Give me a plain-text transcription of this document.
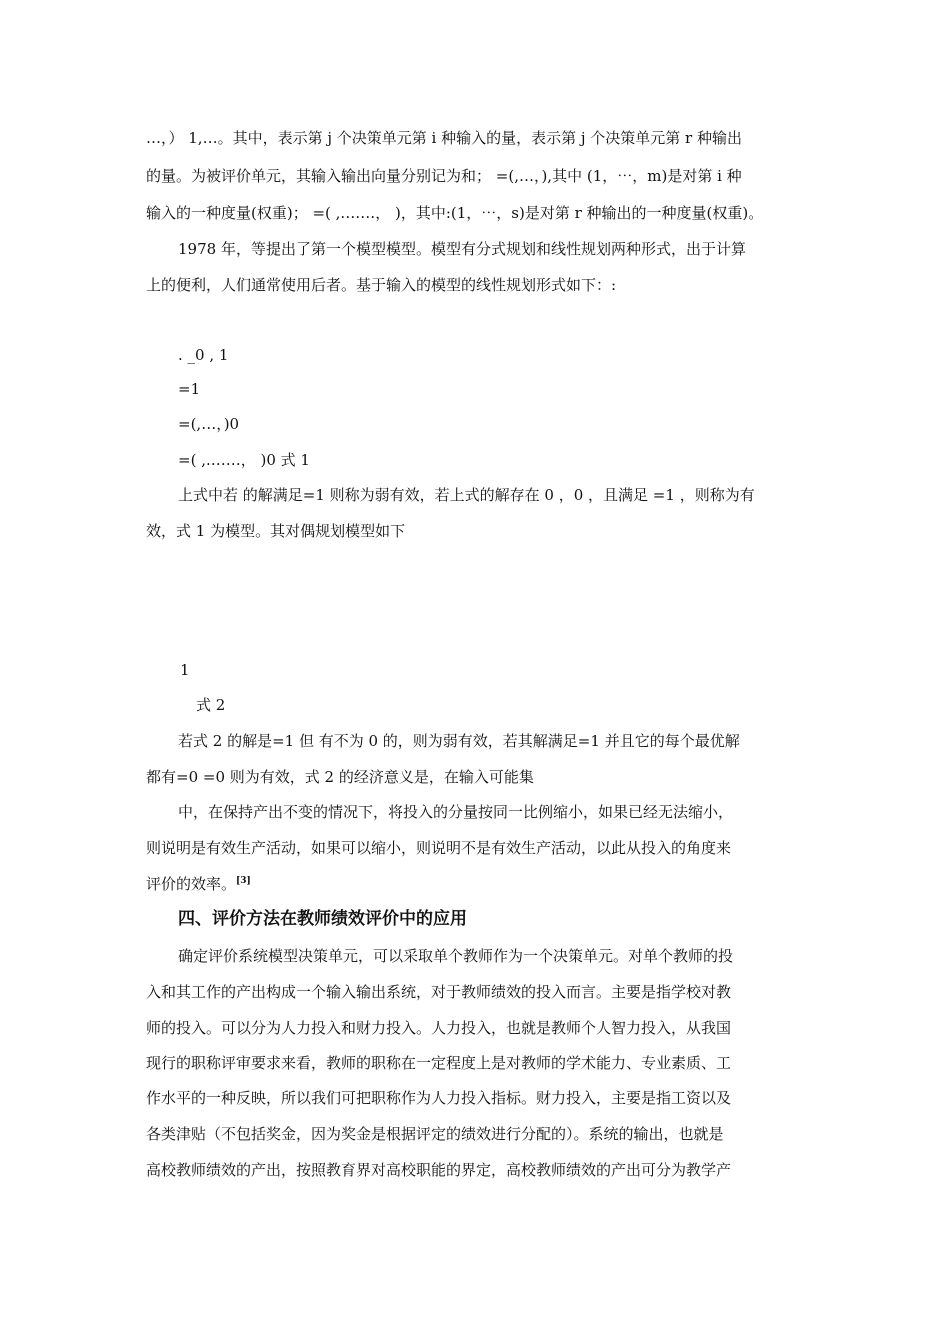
…，） 1,…。其中，表示第 j 个决策单元第 i 种输入的量，表示第 j 个决策单元第 r 种输出
的量。为被评价单元，其输入输出向量分别记为和； =(,…，),其中 (1，⋯，m)是对第 i 种
输入的一种度量(权重)； =( ,.……， )，其中:(1，⋯，s)是对第 r 种输出的一种度量(权重)。
1978 年，等提出了第一个模型模型。模型有分式规划和线性规划两种形式，出于计算
上的便利，人们通常使用后者。基于输入的模型的线性规划形式如下：:
. _0 , 1
=1
=(,…，)0
=( ,.……， )0 式 1
上式中若 的解满足=1 则称为弱有效，若上式的解存在 0 ，0 ，且满足 =1 ，则称为有
效，式 1 为模型。其对偶规划模型如下
1
式 2
若式 2 的解是=1 但 有不为 0 的，则为弱有效，若其解满足=1 并且它的每个最优解
都有=0 =0 则为有效，式 2 的经济意义是，在输入可能集
中，在保持产出不变的情况下，将投入的分量按同一比例缩小，如果已经无法缩小，
则说明是有效生产活动，如果可以缩小，则说明不是有效生产活动，以此从投入的角度来
评价的效率。[3]
四、评价方法在教师绩效评价中的应用
确定评价系统模型决策单元，可以采取单个教师作为一个决策单元。对单个教师的投
入和其工作的产出构成一个输入输出系统，对于教师绩效的投入而言。主要是指学校对教
师的投入。可以分为人力投入和财力投入。人力投入，也就是教师个人智力投入，从我国
现行的职称评审要求来看，教师的职称在一定程度上是对教师的学术能力、专业素质、工
作水平的一种反映，所以我们可把职称作为人力投入指标。财力投入，主要是指工资以及
各类津贴（不包括奖金，因为奖金是根据评定的绩效进行分配的）。系统的输出，也就是
高校教师绩效的产出，按照教育界对高校职能的界定，高校教师绩效的产出可分为教学产
